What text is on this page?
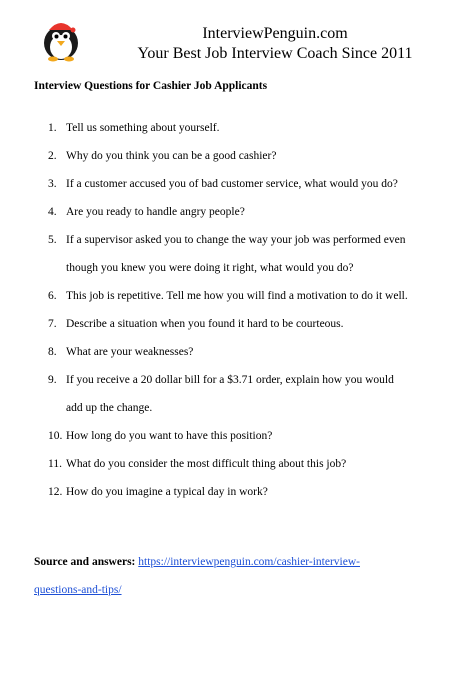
InterviewPenguin.com
Your Best Job Interview Coach Since 2011
Interview Questions for Cashier Job Applicants
1. Tell us something about yourself.
2. Why do you think you can be a good cashier?
3. If a customer accused you of bad customer service, what would you do?
4. Are you ready to handle angry people?
5. If a supervisor asked you to change the way your job was performed even
though you knew you were doing it right, what would you do?
6. This job is repetitive. Tell me how you will find a motivation to do it well.
7. Describe a situation when you found it hard to be courteous.
8. What are your weaknesses?
9. If you receive a 20 dollar bill for a $3.71 order, explain how you would
add up the change.
10. How long do you want to have this position?
11. What do you consider the most difficult thing about this job?
12. How do you imagine a typical day in work?
Source and answers: https://interviewpenguin.com/cashier-interview-
questions-and-tips/
